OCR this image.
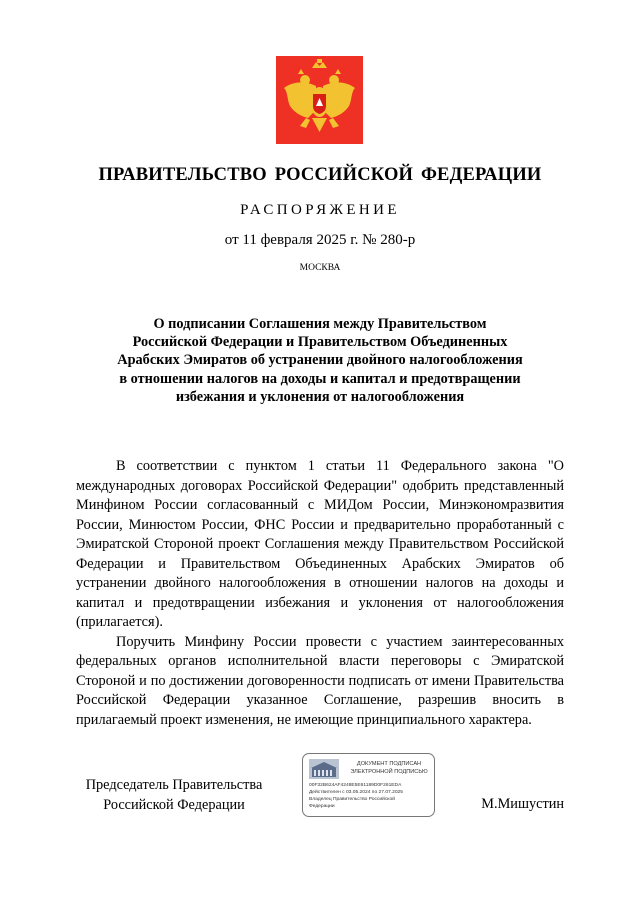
ПРАВИТЕЛЬСТВО РОССИЙСКОЙ ФЕДЕРАЦИИ
РАСПОРЯЖЕНИЕ
от 11 февраля 2025 г. № 280-р
МОСКВА
О подписании Соглашения между Правительством
Российской Федерации и Правительством Объединенных
Арабских Эмиратов об устранении двойного налогообложения
в отношении налогов на доходы и капитал и предотвращении
избежания и уклонения от налогообложения

В соответствии с пунктом 1 статьи 11 Федерального закона "О международных договорах Российской Федерации" одобрить представленный Минфином России согласованный с МИДом России, Минэкономразвития России, Минюстом России, ФНС России и предварительно проработанный с Эмиратской Стороной проект Соглашения между Правительством Российской Федерации и Правительством Объединенных Арабских Эмиратов об устранении двойного налогообложения в отношении налогов на доходы и капитал и предотвращении избежания и уклонения от налогообложения (прилагается).

Поручить Минфину России провести с участием заинтересованных федеральных органов исполнительной власти переговоры с Эмиратской Стороной и по достижении договоренности подписать от имени Правительства Российской Федерации указанное Соглашение, разрешив вносить в прилагаемый проект изменения, не имеющие принципиального характера.

Председатель Правительства
Российской Федерации
ДОКУМЕНТ ПОДПИСАН
ЭЛЕКТРОННОЙ ПОДПИСЬЮ
00F32B624AF4248E5E61189D0F261EDA
Действителен с 03.05.2024 по 27.07.2025
Владелец Правительство Российской
Федерации	М.Мишустин
